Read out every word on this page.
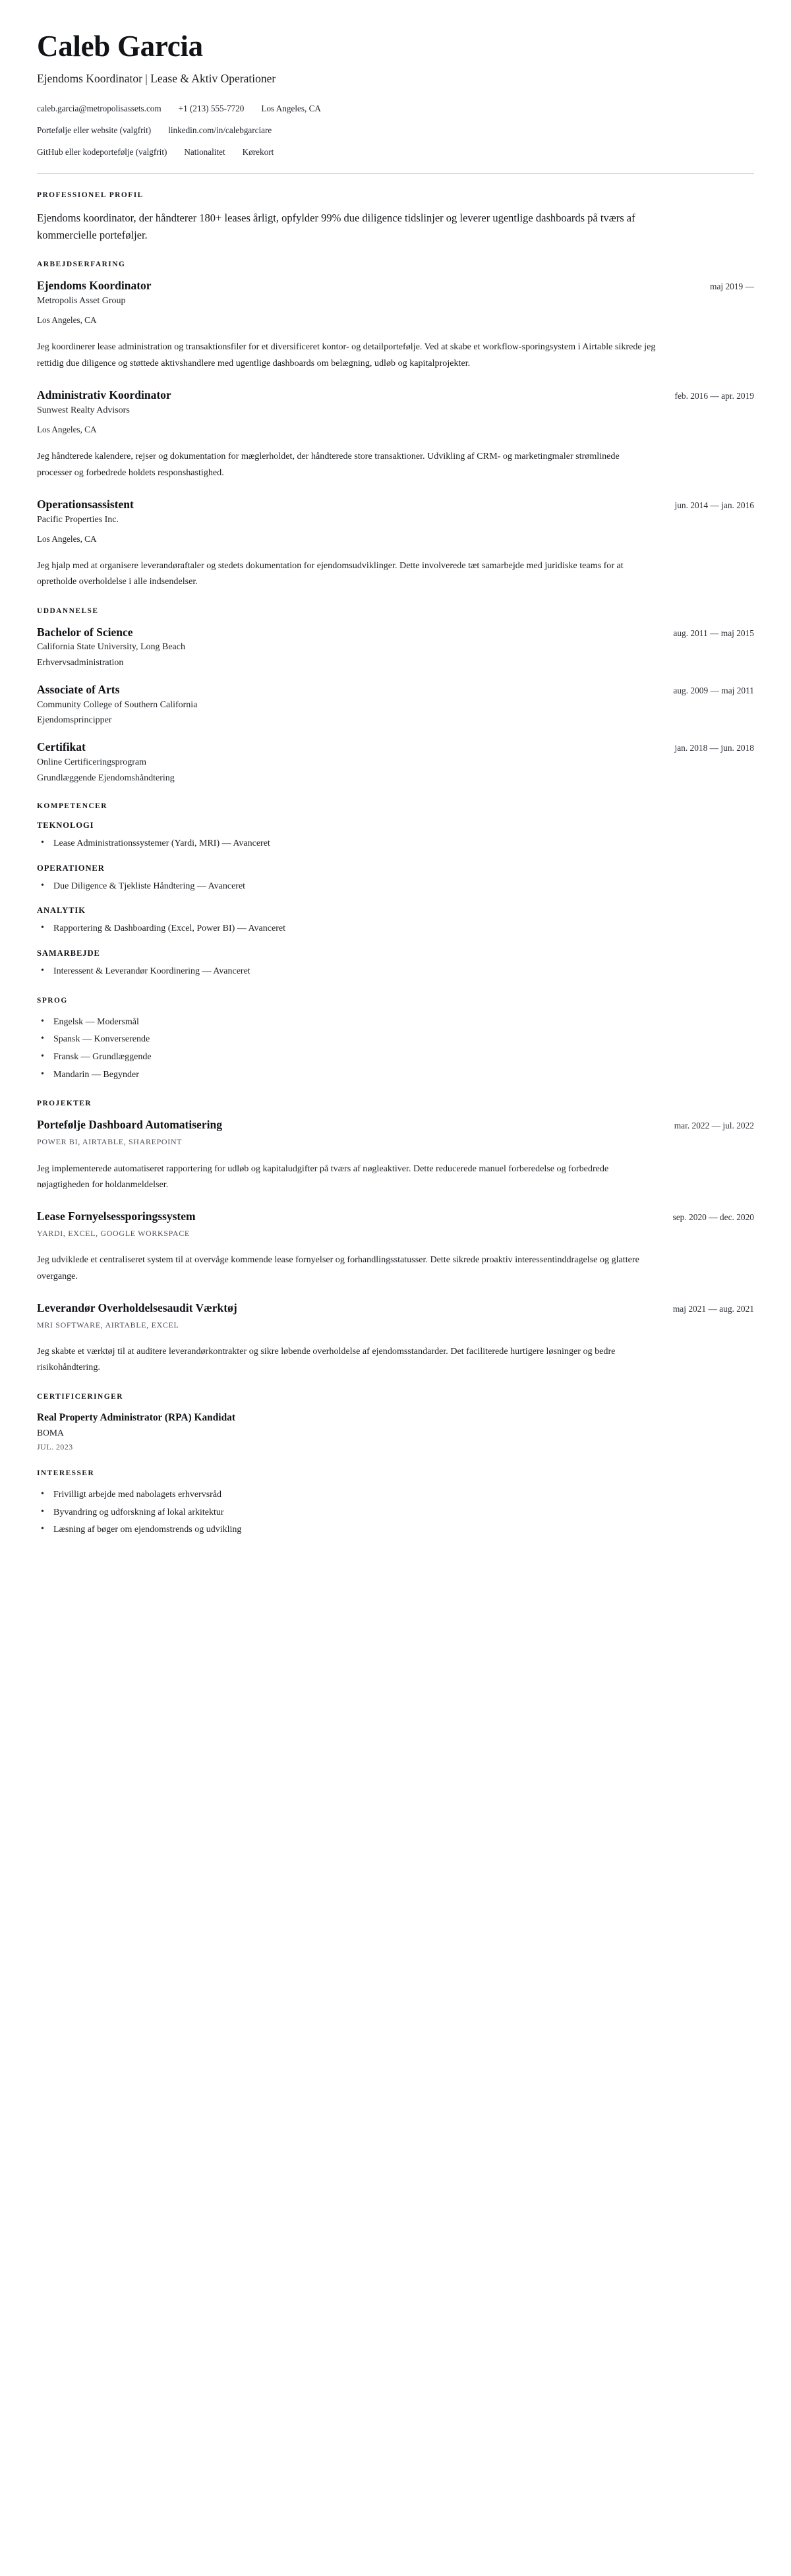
Caleb Garcia
Ejendoms Koordinator | Lease & Aktiv Operationer
caleb.garcia@metropolisassets.com +1 (213) 555-7720 Los Angeles, CA
Portefølje eller website (valgfrit) linkedin.com/in/calebgarciare
GitHub eller kodeportefølje (valgfrit) Nationalitet Kørekort
PROFESSIONEL PROFIL

Ejendoms koordinator, der håndterer 180+ leases årligt, opfylder 99% due diligence tidslinjer og leverer ugentlige dashboards på tværs af kommercielle porteføljer.

ARBEJDSERFARING
Ejendoms Koordinator	maj 2019 —
Metropolis Asset Group
Los Angeles, CA

Jeg koordinerer lease administration og transaktionsfiler for et diversificeret kontor- og detailportefølje. Ved at skabe et workflow-sporingsystem i Airtable sikrede jeg rettidig due diligence og støttede aktivshandlere med ugentlige dashboards om belægning, udløb og kapitalprojekter.

Administrativ Koordinator	feb. 2016 — apr. 2019
Sunwest Realty Advisors
Los Angeles, CA

Jeg håndterede kalendere, rejser og dokumentation for mæglerholdet, der håndterede store transaktioner. Udvikling af CRM- og marketingmaler strømlinede processer og forbedrede holdets responshastighed.

Operationsassistent	jun. 2014 — jan. 2016
Pacific Properties Inc.
Los Angeles, CA

Jeg hjalp med at organisere leverandøraftaler og stedets dokumentation for ejendomsudviklinger. Dette involverede tæt samarbejde med juridiske teams for at opretholde overholdelse i alle indsendelser.

UDDANNELSE
Bachelor of Science	aug. 2011 — maj 2015
California State University, Long Beach
Erhvervsadministration
Associate of Arts	aug. 2009 — maj 2011
Community College of Southern California
Ejendomsprincipper
Certifikat	jan. 2018 — jun. 2018
Online Certificeringsprogram
Grundlæggende Ejendomshåndtering
KOMPETENCER
TEKNOLOGI
• Lease Administrationssystemer (Yardi, MRI) — Avanceret
OPERATIONER
• Due Diligence & Tjekliste Håndtering — Avanceret
ANALYTIK
• Rapportering & Dashboarding (Excel, Power BI) — Avanceret
SAMARBEJDE
• Interessent & Leverandør Koordinering — Avanceret
SPROG
• Engelsk — Modersmål
• Spansk — Konverserende
• Fransk — Grundlæggende
• Mandarin — Begynder
PROJEKTER
Portefølje Dashboard Automatisering	mar. 2022 — jul. 2022
POWER BI, AIRTABLE, SHAREPOINT

Jeg implementerede automatiseret rapportering for udløb og kapitaludgifter på tværs af nøgleaktiver. Dette reducerede manuel forberedelse og forbedrede nøjagtigheden for holdanmeldelser.

Lease Fornyelsessporingssystem	sep. 2020 — dec. 2020
YARDI, EXCEL, GOOGLE WORKSPACE

Jeg udviklede et centraliseret system til at overvåge kommende lease fornyelser og forhandlingsstatusser. Dette sikrede proaktiv interessentinddragelse og glattere overgange.

Leverandør Overholdelsesaudit Værktøj	maj 2021 — aug. 2021
MRI SOFTWARE, AIRTABLE, EXCEL

Jeg skabte et værktøj til at auditere leverandørkontrakter og sikre løbende overholdelse af ejendomsstandarder. Det faciliterede hurtigere løsninger og bedre risikohåndtering.

CERTIFICERINGER
Real Property Administrator (RPA) Kandidat
BOMA
JUL. 2023
INTERESSER
• Frivilligt arbejde med nabolagets erhvervsråd
• Byvandring og udforskning af lokal arkitektur
• Læsning af bøger om ejendomstrends og udvikling
